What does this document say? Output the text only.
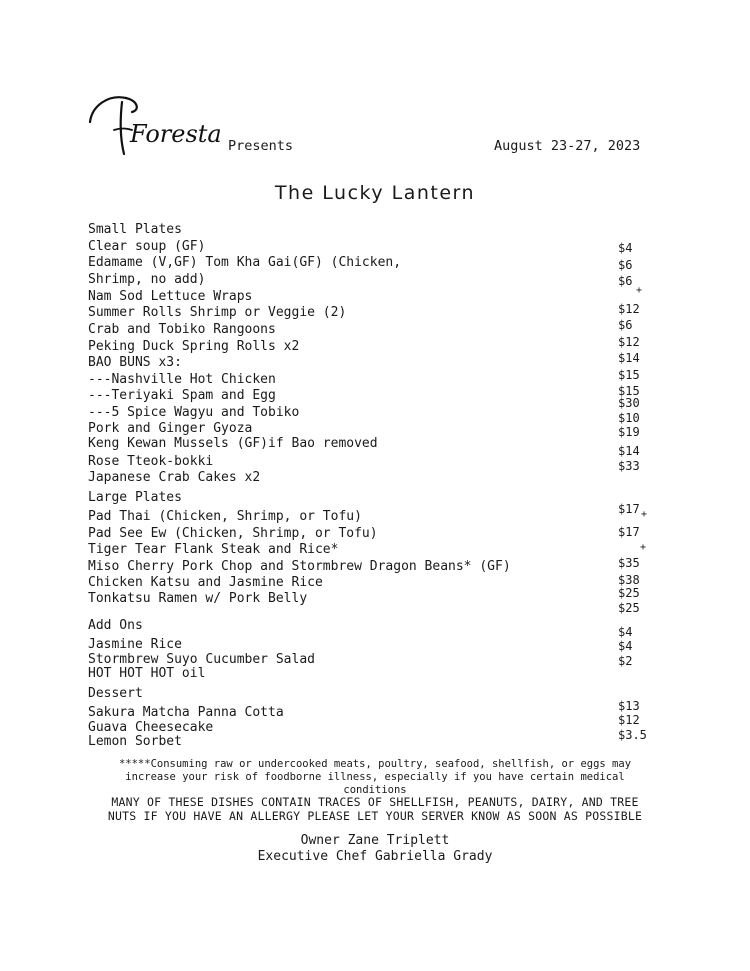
Foresta Presents	August 23-27, 2023
The Lucky Lantern
Small Plates
Clear soup (GF)
Edamame (V,GF) Tom Kha Gai(GF) (Chicken,
Shrimp, no add)
Nam Sod Lettuce Wraps
Summer Rolls Shrimp or Veggie (2)
Crab and Tobiko Rangoons
Peking Duck Spring Rolls x2
BAO BUNS x3:
---Nashville Hot Chicken
---Teriyaki Spam and Egg
---5 Spice Wagyu and Tobiko
Pork and Ginger Gyoza
Keng Kewan Mussels (GF)if Bao removed
Rose Tteok-bokki
Japanese Crab Cakes x2
$4
$6
$6
+
$12
$6
$12
$14
$15
$15
$30
$10
$19
$14
$33
Large Plates
Pad Thai (Chicken, Shrimp, or Tofu)
Pad See Ew (Chicken, Shrimp, or Tofu)
Tiger Tear Flank Steak and Rice*
Miso Cherry Pork Chop and Stormbrew Dragon Beans* (GF)
Chicken Katsu and Jasmine Rice
Tonkatsu Ramen w/ Pork Belly
$17 +
$17
+
$35
$38
$25
$25
Add Ons
Jasmine Rice
Stormbrew Suyo Cucumber Salad
HOT HOT HOT oil
$4
$4
$2
Dessert
Sakura Matcha Panna Cotta
Guava Cheesecake
Lemon Sorbet
$13
$12
$3.5
*****Consuming raw or undercooked meats, poultry, seafood, shellfish, or eggs may increase your risk of foodborne illness, especially if you have certain medical conditions
MANY OF THESE DISHES CONTAIN TRACES OF SHELLFISH, PEANUTS, DAIRY, AND TREE NUTS IF YOU HAVE AN ALLERGY PLEASE LET YOUR SERVER KNOW AS SOON AS POSSIBLE
Owner Zane Triplett
Executive Chef Gabriella Grady
